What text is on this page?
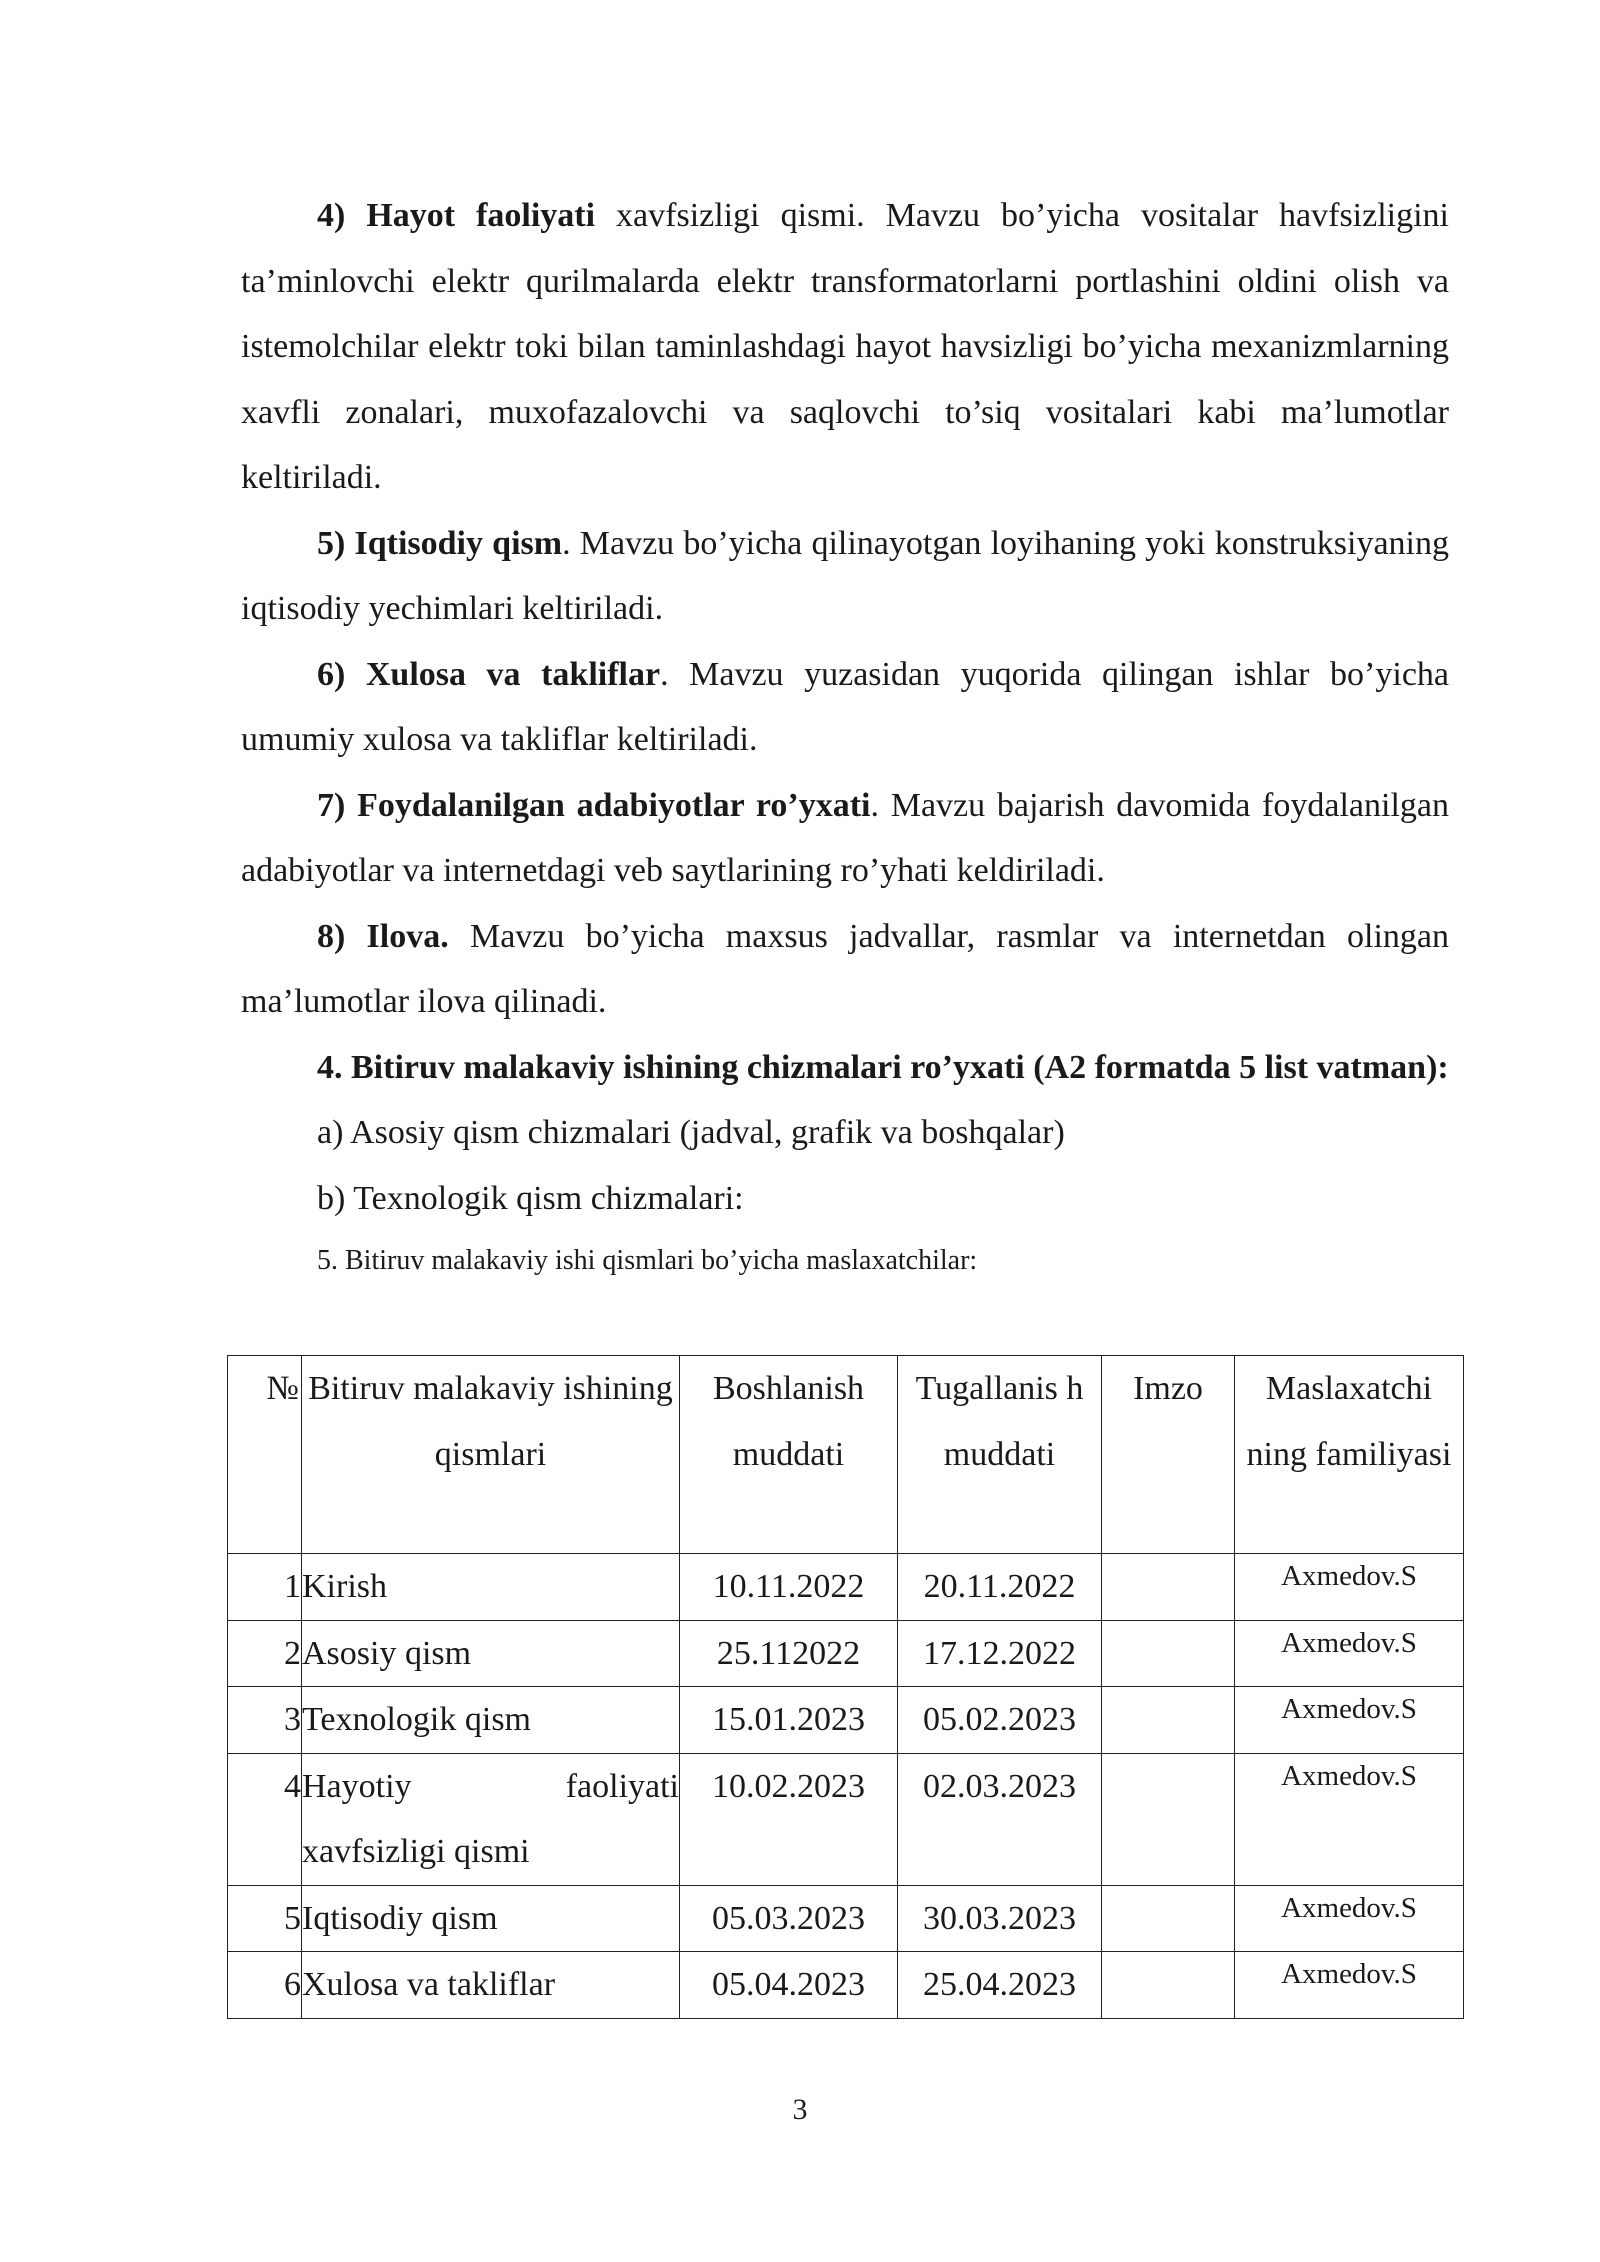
4) Hayot faoliyati xavfsizligi qismi. Mavzu bo’yicha vositalar havfsizligini ta’minlovchi elektr qurilmalarda elektr transformatorlarni portlashini oldini olish va istemolchilar elektr toki bilan taminlashdagi hayot havsizligi bo’yicha mexanizmlarning xavfli zonalari, muxofazalovchi va saqlovchi to’siq vositalari kabi ma’lumotlar keltiriladi.

5) Iqtisodiy qism. Mavzu bo’yicha qilinayotgan loyihaning yoki konstruksiyaning iqtisodiy yechimlari keltiriladi.

6) Xulosa va takliflar. Mavzu yuzasidan yuqorida qilingan ishlar bo’yicha umumiy xulosa va takliflar keltiriladi.

7) Foydalanilgan adabiyotlar ro’yxati. Mavzu bajarish davomida foydalanilgan adabiyotlar va internetdagi veb saytlarining ro’yhati keldiriladi.

8) Ilova. Mavzu bo’yicha maxsus jadvallar, rasmlar va internetdan olingan ma’lumotlar ilova qilinadi.

4. Bitiruv malakaviy ishining chizmalari ro’yxati (A2 formatda 5 list vatman):

a) Asosiy qism chizmalari (jadval, grafik va boshqalar)

b) Texnologik qism chizmalari:

5. Bitiruv malakaviy ishi qismlari bo’yicha maslaxatchilar:

№	Bitiruv malakaviy ishining qismlari	Boshlanish muddati	Tugallanis h muddati	Imzo	Maslaxatchi ning familiyasi
1	Kirish	10.11.2022	20.11.2022		Axmedov.S
2	Asosiy qism	25.112022	17.12.2022		Axmedov.S
3	Texnologik qism	15.01.2023	05.02.2023		Axmedov.S
4	Hayotiy faoliyati
xavfsizligi qismi	10.02.2023	02.03.2023		Axmedov.S
5	Iqtisodiy qism	05.03.2023	30.03.2023		Axmedov.S
6	Xulosa va takliflar	05.04.2023	25.04.2023		Axmedov.S
3
